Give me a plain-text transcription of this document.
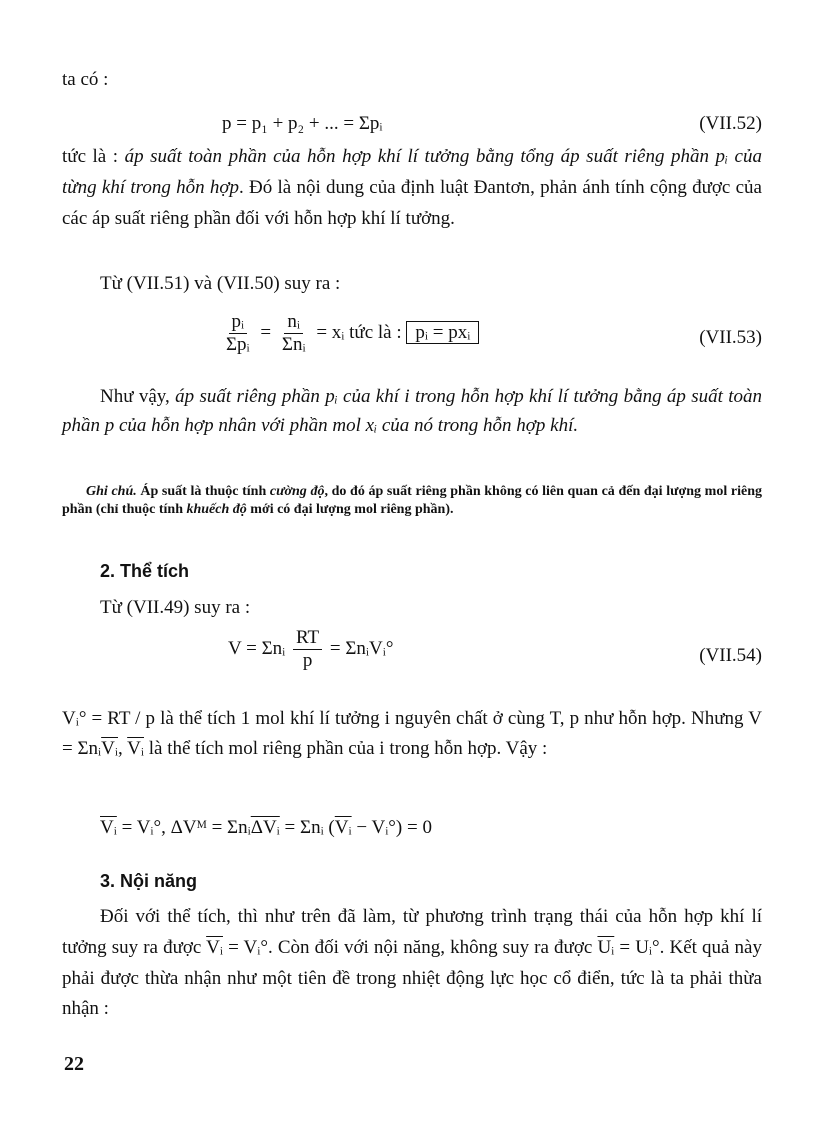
ta có :
p = p₁ + p₂ + ... = Σpᵢ	(VII.52)
tức là : áp suất toàn phần của hỗn hợp khí lí tưởng bằng tổng áp suất riêng phần pᵢ của từng khí trong hỗn hợp. Đó là nội dung của định luật Đantơn, phản ánh tính cộng được của các áp suất riêng phần đối với hỗn hợp khí lí tưởng.
Từ (VII.51) và (VII.50) suy ra :
$\frac{\text{pᵢ}}{\text{Σpᵢ}} = \frac{\text{nᵢ}}{\text{Σnᵢ}}$ = xᵢ tức là : pᵢ = pxᵢ	(VII.53)
Như vậy, áp suất riêng phần pᵢ của khí i trong hỗn hợp khí lí tưởng bằng áp suất toàn phần p của hỗn hợp nhân với phần mol xᵢ của nó trong hỗn hợp khí.
Ghi chú. Áp suất là thuộc tính cường độ, do đó áp suất riêng phần không có liên quan cả đến đại lượng mol riêng phần (chỉ thuộc tính khuếch độ mới có đại lượng mol riêng phần).
2. Thể tích
Từ (VII.49) suy ra :
V = Σnᵢ $\frac{RT}{p}$ = ΣnᵢVᵢ°	(VII.54)
Vᵢ° = RT / p là thể tích 1 mol khí lí tưởng i nguyên chất ở cùng T, p như hỗn hợp. Nhưng $V = \Sigma nᵢ\overline{Vᵢ}$, $\overline{Vᵢ}$ là thể tích mol riêng phần của i trong hỗn hợp. Vậy :
$\overline{Vᵢ}$ = Vᵢ°, ΔVᴹ = $\Sigma nᵢ\overline{\Delta Vᵢ}$ = Σnᵢ ($\overline{Vᵢ}$ − Vᵢ°) = 0
3. Nội năng
Đối với thể tích, thì như trên đã làm, từ phương trình trạng thái của hỗn hợp khí lí tưởng suy ra được $\overline{Vᵢ}$ = Vᵢ°. Còn đối với nội năng, không suy ra được $\overline{Uᵢ}$ = Uᵢ°. Kết quả này phải được thừa nhận như một tiên đề trong nhiệt động lực học cổ điển, tức là ta phải thừa nhận :
22
